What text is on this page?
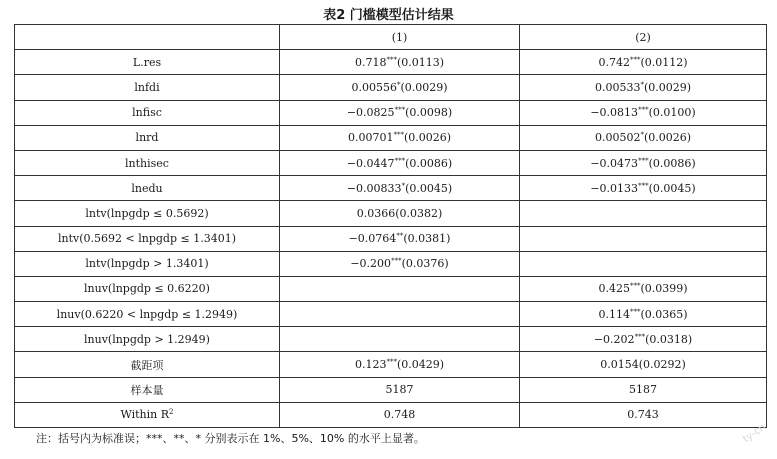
表2 门槛模型估计结果
	(1)	(2)
L.res	0.718***(0.0113)	0.742***(0.0112)
lnfdi	0.00556*(0.0029)	0.00533*(0.0029)
lnfisc	−0.0825***(0.0098)	−0.0813***(0.0100)
lnrd	0.00701***(0.0026)	0.00502*(0.0026)
lnthisec	−0.0447***(0.0086)	−0.0473***(0.0086)
lnedu	−0.00833*(0.0045)	−0.0133***(0.0045)
lntv(lnpgdp ≤ 0.5692)	0.0366(0.0382)	
lntv(0.5692 < lnpgdp ≤ 1.3401)	−0.0764**(0.0381)	
lntv(lnpgdp > 1.3401)	−0.200***(0.0376)	
lnuv(lnpgdp ≤ 0.6220)		0.425***(0.0399)
lnuv(0.6220 < lnpgdp ≤ 1.2949)		0.114***(0.0365)
lnuv(lnpgdp > 1.2949)		−0.202***(0.0318)
截距项	0.123***(0.0429)	0.0154(0.0292)
样本量	5187	5187
Within $R^2$	0.748	0.743
注：括号内为标准误；***、**、* 分别表示在 1%、5%、10% 的水平上显著。	ty-cn
